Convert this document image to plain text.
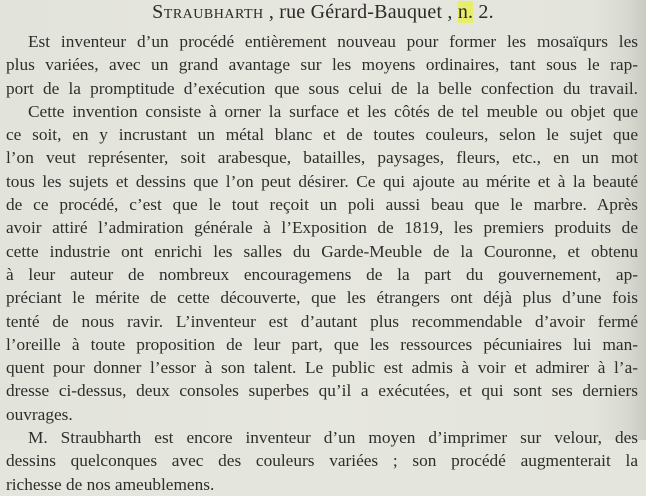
Straubharth , rue Gérard-Bauquet , n. 2.
Est inventeur d’un procédé entièrement nouveau pour former les mosaïqurs les
plus variées, avec un grand avantage sur les moyens ordinaires, tant sous le rap-
port de la promptitude d’exécution que sous celui de la belle confection du travail.
Cette invention consiste à orner la surface et les côtés de tel meuble ou objet que
ce soit, en y incrustant un métal blanc et de toutes couleurs, selon le sujet que
l’on veut représenter, soit arabesque, batailles, paysages, fleurs, etc., en un mot
tous les sujets et dessins que l’on peut désirer. Ce qui ajoute au mérite et à la beauté
de ce procédé, c’est que le tout reçoit un poli aussi beau que le marbre. Après
avoir attiré l’admiration générale à l’Exposition de 1819, les premiers produits de
cette industrie ont enrichi les salles du Garde-Meuble de la Couronne, et obtenu
à leur auteur de nombreux encouragemens de la part du gouvernement, ap-
préciant le mérite de cette découverte, que les étrangers ont déjà plus d’une fois
tenté de nous ravir. L’inventeur est d’autant plus recommendable d’avoir fermé
l’oreille à toute proposition de leur part, que les ressources pécuniaires lui man-
quent pour donner l’essor à son talent. Le public est admis à voir et admirer à l’a-
dresse ci-dessus, deux consoles superbes qu’il a exécutées, et qui sont ses derniers
ouvrages.
M. Straubharth est encore inventeur d’un moyen d’imprimer sur velour, des
dessins quelconques avec des couleurs variées ; son procédé augmenterait la
richesse de nos ameublemens.
